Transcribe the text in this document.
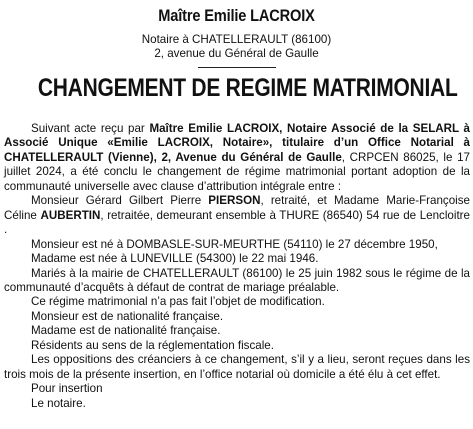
Maître Emilie LACROIX
Notaire à CHATELLERAULT (86100)
2, avenue du Général de Gaulle
CHANGEMENT DE REGIME MATRIMONIAL

Suivant acte reçu par Maître Emilie LACROIX, Notaire Associé de la SELARL à Associé Unique «Emilie LACROIX, Notaire», titulaire d’un Office Notarial à CHATELLERAULT (Vienne), 2, Avenue du Général de Gaulle, CRPCEN 86025, le 17 juillet 2024, a été conclu le changement de régime matrimonial portant adoption de la communauté universelle avec clause d’attribution intégrale entre :

Monsieur Gérard Gilbert Pierre PIERSON, retraité, et Madame Marie-Françoise Céline AUBERTIN, retraitée, demeurant ensemble à THURE (86540) 54 rue de Lencloitre .

Monsieur est né à DOMBASLE-SUR-MEURTHE (54110) le 27 décembre 1950,

Madame est née à LUNEVILLE (54300) le 22 mai 1946.

Mariés à la mairie de CHATELLERAULT (86100) le 25 juin 1982 sous le régime de la communauté d’acquêts à défaut de contrat de mariage préalable.

Ce régime matrimonial n’a pas fait l’objet de modification.

Monsieur est de nationalité française.

Madame est de nationalité française.

Résidents au sens de la réglementation fiscale.

Les oppositions des créanciers à ce changement, s’il y a lieu, seront reçues dans les trois mois de la présente insertion, en l’office notarial où domicile a été élu à cet effet.

Pour insertion

Le notaire.
